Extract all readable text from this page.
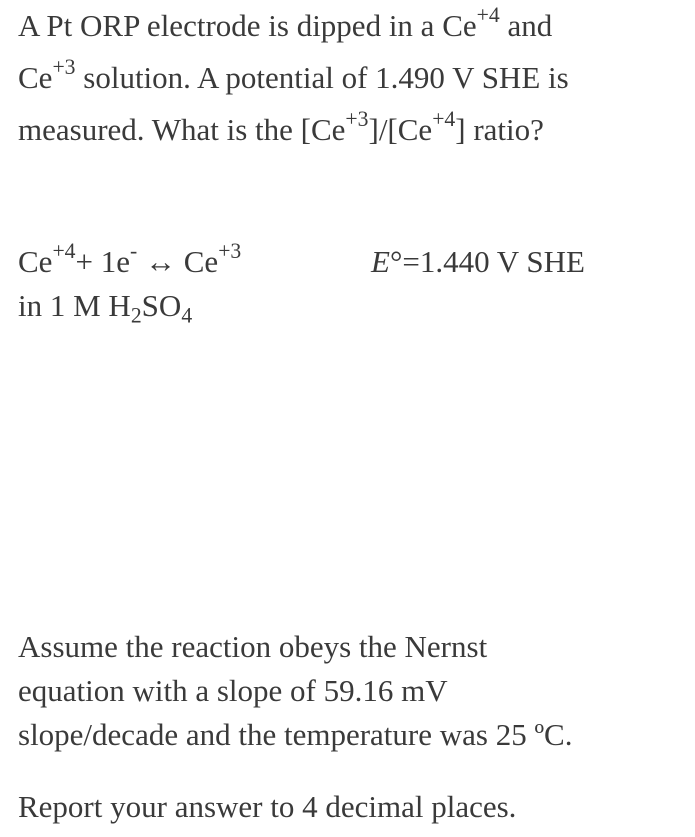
A Pt ORP electrode is dipped in a $Ce^{+4}$ and
$Ce^{+3}$ solution. A potential of 1.490 V SHE is
measured. What is the $[Ce^{+3}]/[Ce^{+4}]$ ratio?
$Ce^{+4}+ 1e^-$ ↔ $Ce^{+3}$	E°=1.440 V SHE
in 1 M $H_2SO_4$
Assume the reaction obeys the Nernst
equation with a slope of 59.16 mV
slope/decade and the temperature was 25 ºC.
Report your answer to 4 decimal places.
